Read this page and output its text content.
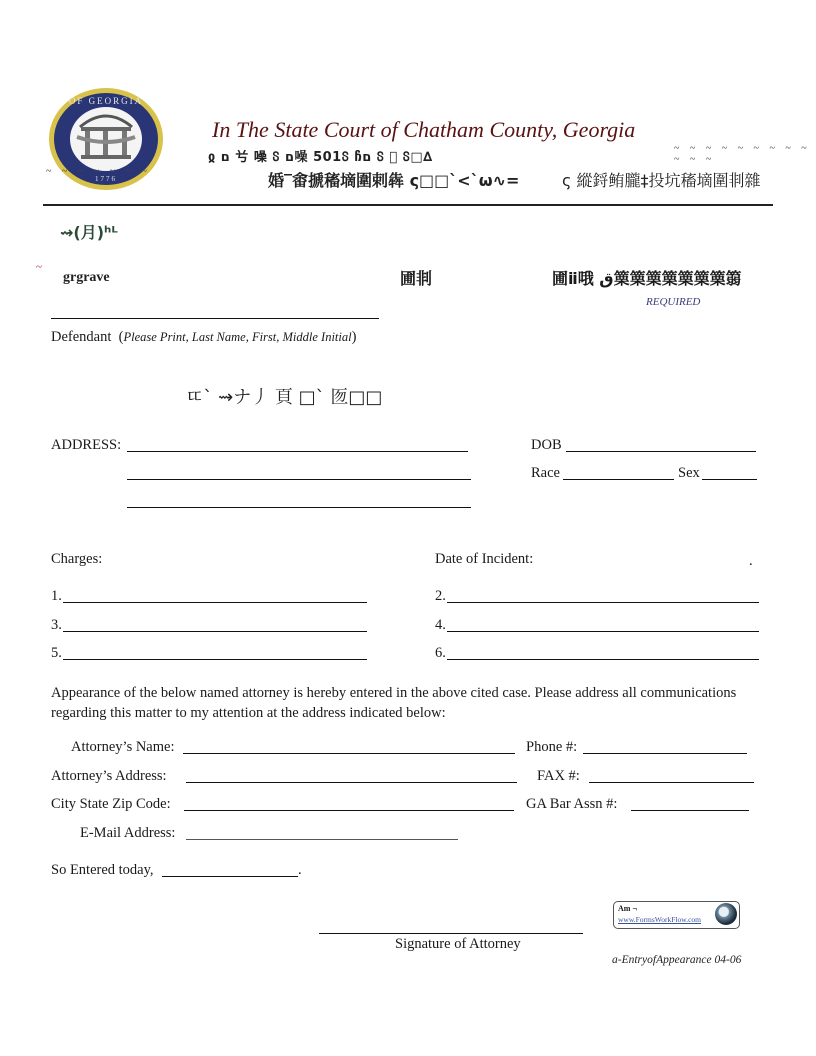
OF GEORGIA
1776
In The State Court of Chatham County, Georgia
ჲ ם 𠔃 噪 ჽ ם噪 501ჽ ჩם ჽ 𠄠 ჽ□∆
~ ~ ~ ~ ~ ~ ~ ~ ~ ~ ~ ~
~ ~ ~ ~ ~ ~ ~	婚‾畬搋稸墑圍剌犇 ς□□ˋ<ˋω∿=	ς 縱鋝鲔朧‡投坑稸墑圍剕雜
⇝(月)ʰᴸ
~
grgrave	圃剕	圃ⅱ哦 ق篥篥篥篥篥篥篥篛
REQUIRED
Defendant  (Please Print, Last Name, First, Middle Initial)
ㄸˋ ⇝ナ丿 頁 □ˋ 匢□□
ADDRESS:	DOB
Race	Sex
Charges:	Date of Incident:	.
1.	2.
3.	4.
5.	6.
Appearance of the below named attorney is hereby entered in the above cited case. Please address all communications regarding this matter to my attention at the address indicated below:
Attorney’s Name:	Phone #:
Attorney’s Address:	FAX #:
City State Zip Code:	GA Bar Assn #:
E-Mail Address:
So Entered today,	.
Signature of Attorney
Am ¬
www.FormsWorkFlow.com
a-EntryofAppearance 04-06
